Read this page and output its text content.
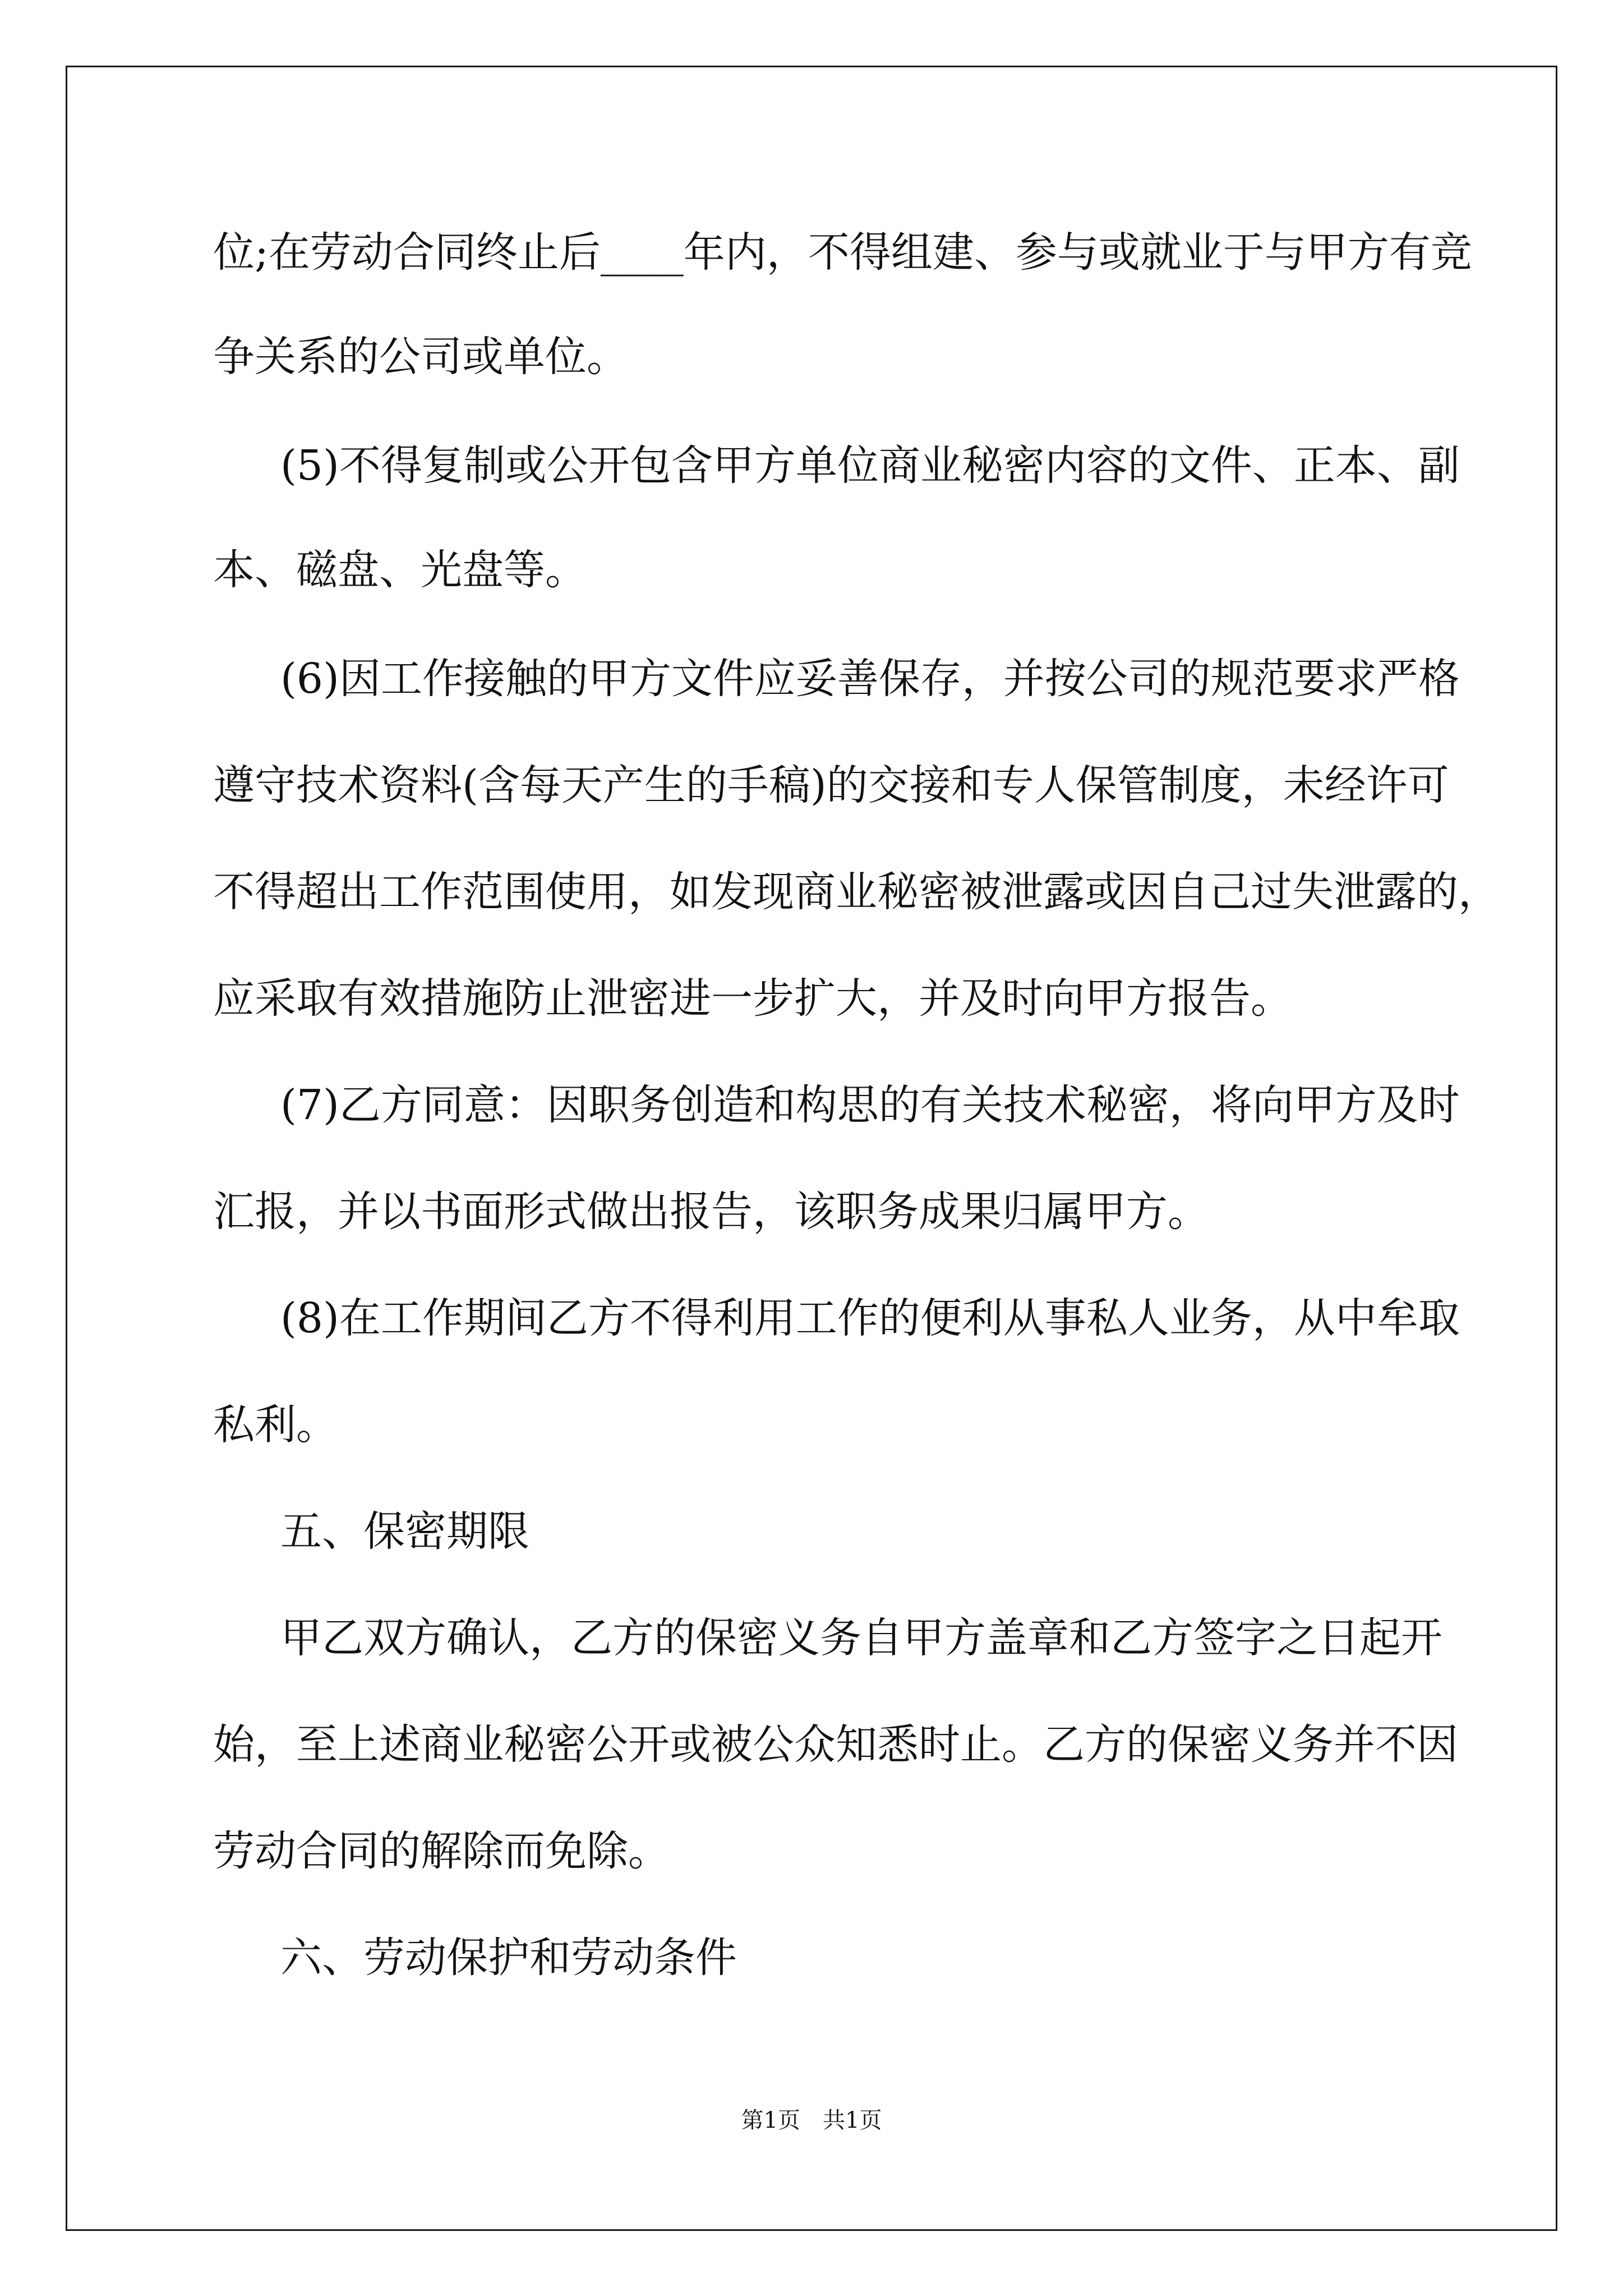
位;在劳动合同终止后____年内，不得组建、参与或就业于与甲方有竞
争关系的公司或单位。
(5)不得复制或公开包含甲方单位商业秘密内容的文件、正本、副
本、磁盘、光盘等。
(6)因工作接触的甲方文件应妥善保存，并按公司的规范要求严格
遵守技术资料(含每天产生的手稿)的交接和专人保管制度，未经许可
不得超出工作范围使用，如发现商业秘密被泄露或因自己过失泄露的，
应采取有效措施防止泄密进一步扩大，并及时向甲方报告。
(7)乙方同意：因职务创造和构思的有关技术秘密，将向甲方及时
汇报，并以书面形式做出报告，该职务成果归属甲方。
(8)在工作期间乙方不得利用工作的便利从事私人业务，从中牟取
私利。
五、保密期限
甲乙双方确认，乙方的保密义务自甲方盖章和乙方签字之日起开
始，至上述商业秘密公开或被公众知悉时止。乙方的保密义务并不因
劳动合同的解除而免除。
六、劳动保护和劳动条件
第1页　共1页
